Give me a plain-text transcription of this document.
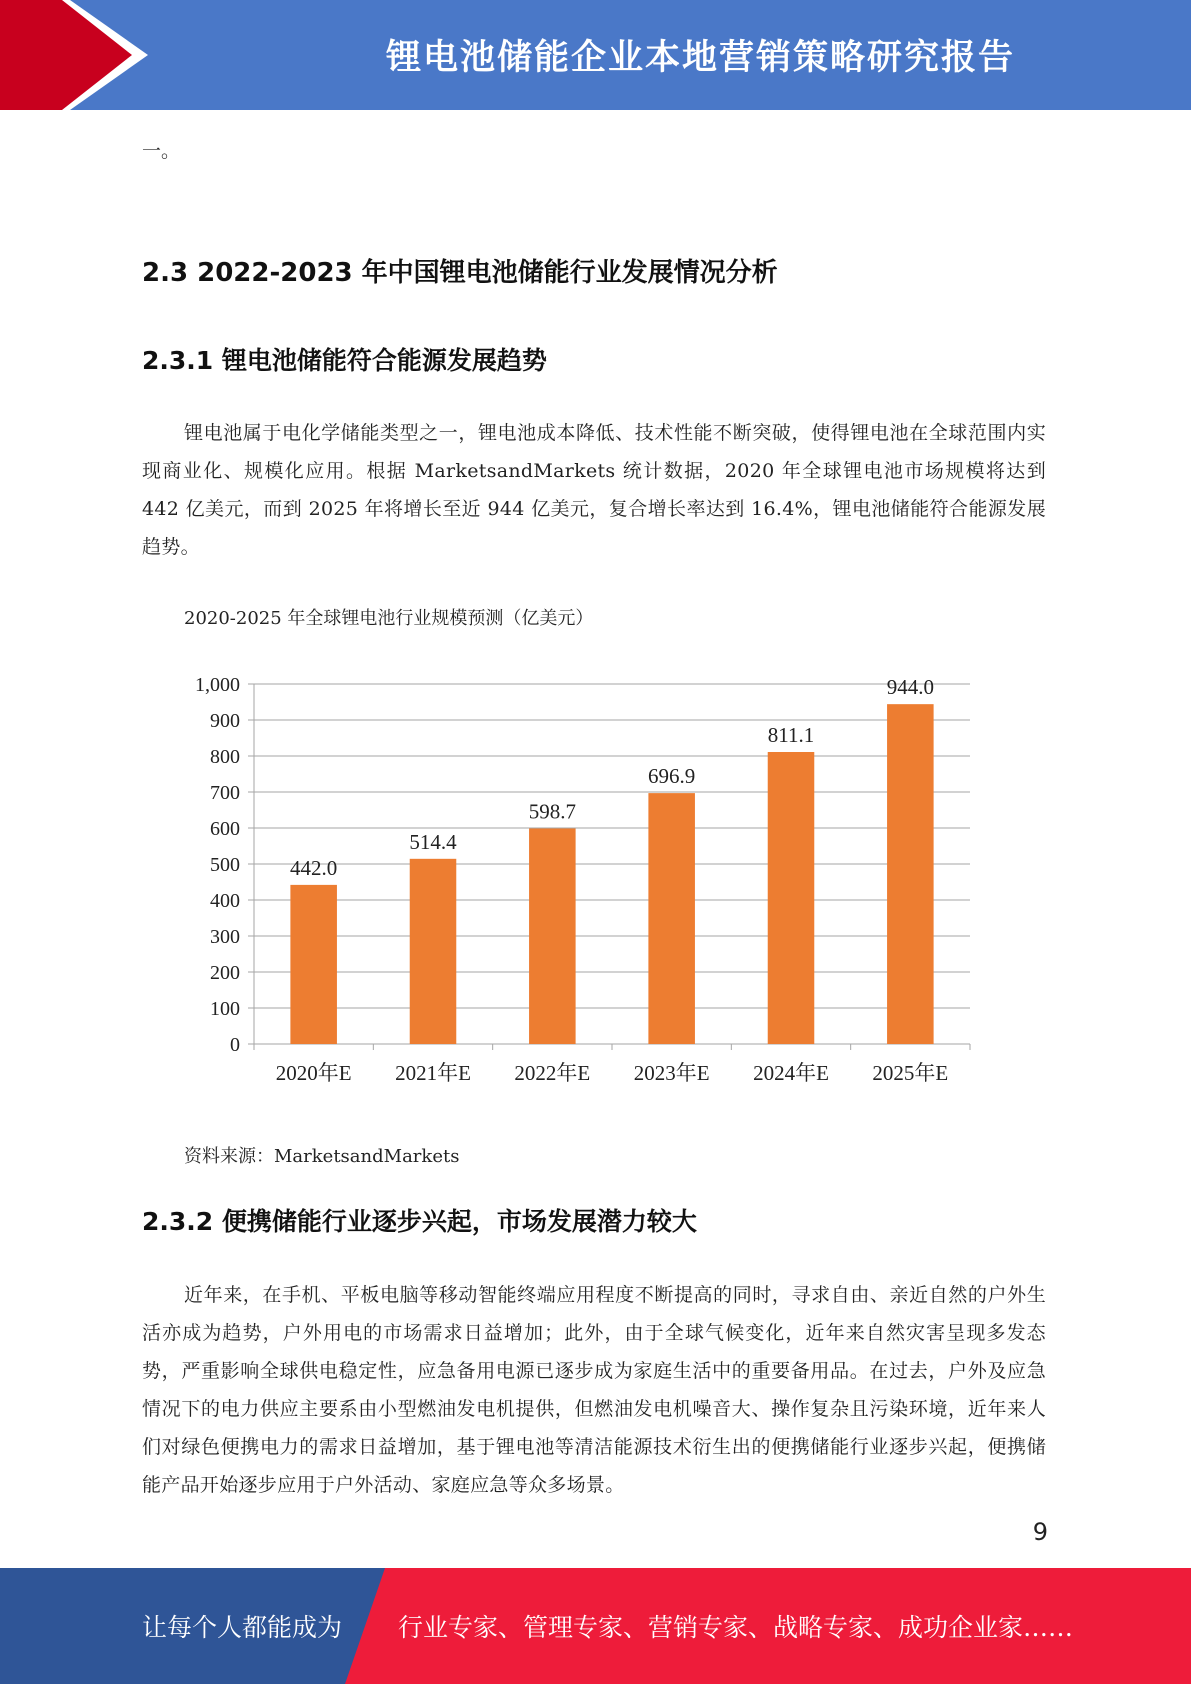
锂电池储能企业本地营销策略研究报告
一。
2.3 2022-2023 年中国锂电池储能行业发展情况分析
2.3.1 锂电池储能符合能源发展趋势
锂电池属于电化学储能类型之一，锂电池成本降低、技术性能不断突破，使得锂电池在全球范围内实现商业化、规模化应用。根据 MarketsandMarkets 统计数据，2020 年全球锂电池市场规模将达到 442 亿美元，而到 2025 年将增长至近 944 亿美元，复合增长率达到 16.4%，锂电池储能符合能源发展趋势。
2020-2025 年全球锂电池行业规模预测（亿美元）
0
100
200
300
400
500
600
700
800
900
1,000
442.0
514.4
598.7
696.9
811.1
944.0
2020年E 2021年E 2022年E 2023年E 2024年E 2025年E
资料来源：MarketsandMarkets
2.3.2 便携储能行业逐步兴起，市场发展潜力较大
近年来，在手机、平板电脑等移动智能终端应用程度不断提高的同时，寻求自由、亲近自然的户外生活亦成为趋势，户外用电的市场需求日益增加；此外，由于全球气候变化，近年来自然灾害呈现多发态势，严重影响全球供电稳定性，应急备用电源已逐步成为家庭生活中的重要备用品。在过去，户外及应急情况下的电力供应主要系由小型燃油发电机提供，但燃油发电机噪音大、操作复杂且污染环境，近年来人们对绿色便携电力的需求日益增加，基于锂电池等清洁能源技术衍生出的便携储能行业逐步兴起，便携储能产品开始逐步应用于户外活动、家庭应急等众多场景。
9
让每个人都能成为 行业专家、管理专家、营销专家、战略专家、成功企业家……
